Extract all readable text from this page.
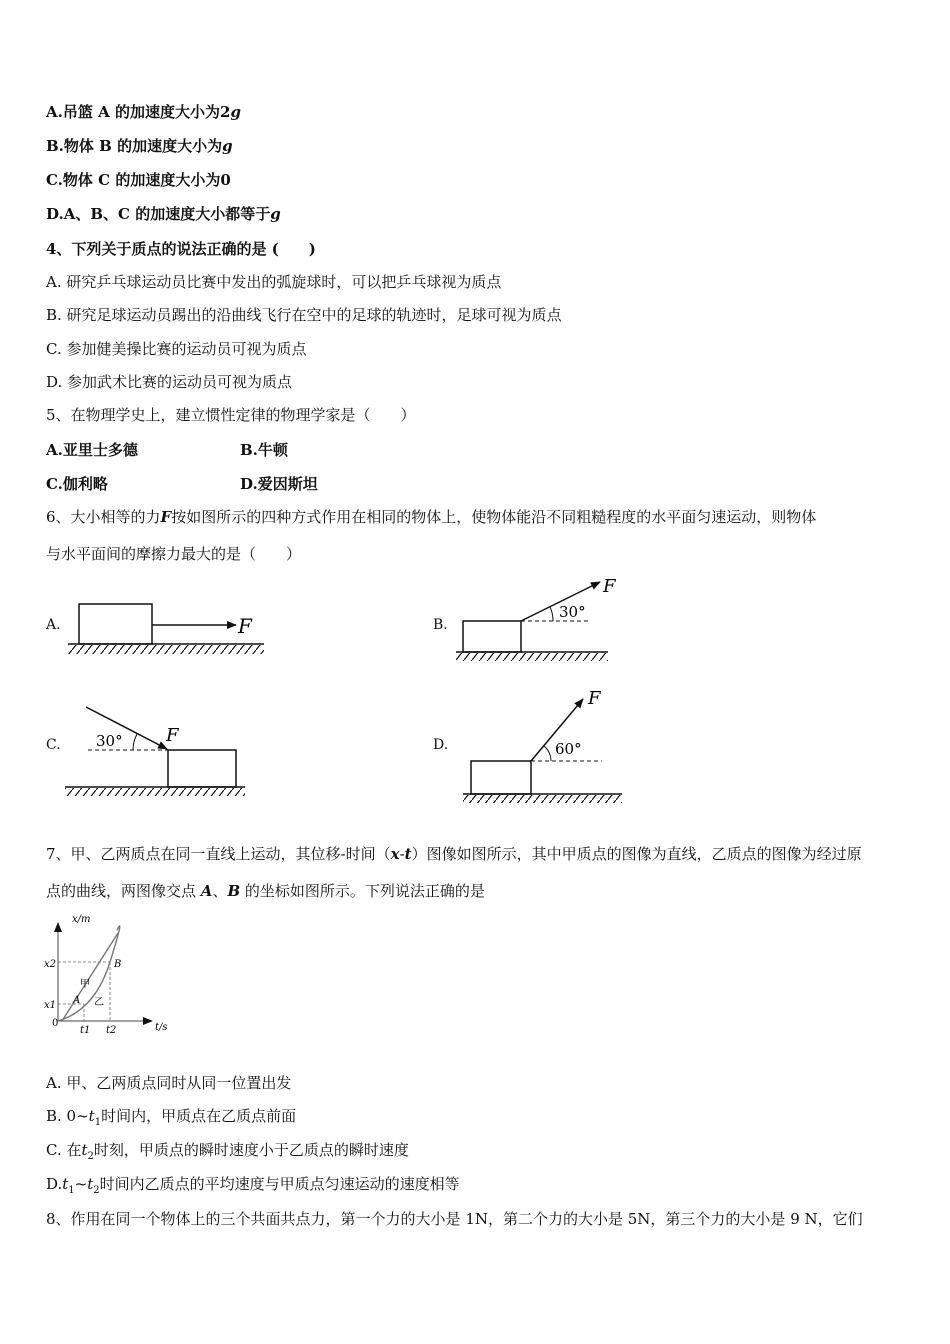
A.吊篮 A 的加速度大小为2g
B.物体 B 的加速度大小为g
C.物体 C 的加速度大小为0
D.A、B、C 的加速度大小都等于g
4、下列关于质点的说法正确的是 (　　)
A. 研究乒乓球运动员比赛中发出的弧旋球时，可以把乒乓球视为质点
B. 研究足球运动员踢出的沿曲线飞行在空中的足球的轨迹时，足球可视为质点
C. 参加健美操比赛的运动员可视为质点
D. 参加武术比赛的运动员可视为质点
5、在物理学史上，建立惯性定律的物理学家是（　　）
A.亚里士多德	B.牛顿
C.伽利略	D.爱因斯坦
6、大小相等的力F按如图所示的四种方式作用在相同的物体上，使物体能沿不同粗糙程度的水平面匀速运动，则物体
与水平面间的摩擦力最大的是（　　）
A.	F
30°
F
30° F
60°
F
x/m
t/s
0
x2
x1
t1 t2
A
B
甲
乙
B.
C.	D.
7、甲、乙两质点在同一直线上运动，其位移-时间（x-t）图像如图所示，其中甲质点的图像为直线，乙质点的图像为经过原
点的曲线，两图像交点 A、B 的坐标如图所示。下列说法正确的是
A. 甲、乙两质点同时从同一位置出发
B. $0\sim t_1$时间内，甲质点在乙质点前面
C. 在$t_2$时刻，甲质点的瞬时速度小于乙质点的瞬时速度
$D.t_1\sim t_2$时间内乙质点的平均速度与甲质点匀速运动的速度相等
8、作用在同一个物体上的三个共面共点力，第一个力的大小是 1N，第二个力的大小是 5N，第三个力的大小是 9 N，它们
